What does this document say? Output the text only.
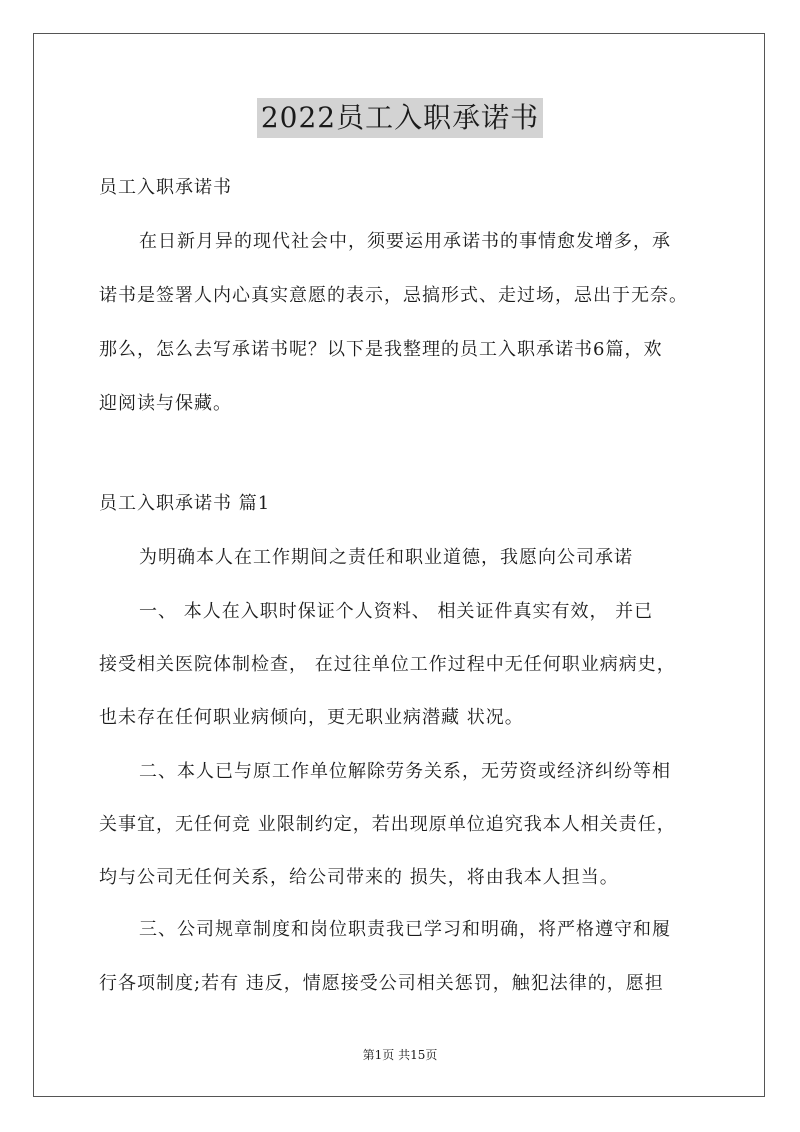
2022员工入职承诺书
员工入职承诺书
在日新月异的现代社会中，须要运用承诺书的事情愈发增多，承
诺书是签署人内心真实意愿的表示，忌搞形式、走过场，忌出于无奈。
那么，怎么去写承诺书呢？以下是我整理的员工入职承诺书6篇，欢
迎阅读与保藏。
员工入职承诺书 篇1
为明确本人在工作期间之责任和职业道德，我愿向公司承诺
一、 本人在入职时保证个人资料、 相关证件真实有效， 并已
接受相关医院体制检查， 在过往单位工作过程中无任何职业病病史，
也未存在任何职业病倾向，更无职业病潜藏 状况。
二、本人已与原工作单位解除劳务关系，无劳资或经济纠纷等相
关事宜，无任何竞 业限制约定，若出现原单位追究我本人相关责任，
均与公司无任何关系，给公司带来的 损失，将由我本人担当。
三、公司规章制度和岗位职责我已学习和明确，将严格遵守和履
行各项制度;若有 违反，情愿接受公司相关惩罚，触犯法律的，愿担
第1页 共15页
